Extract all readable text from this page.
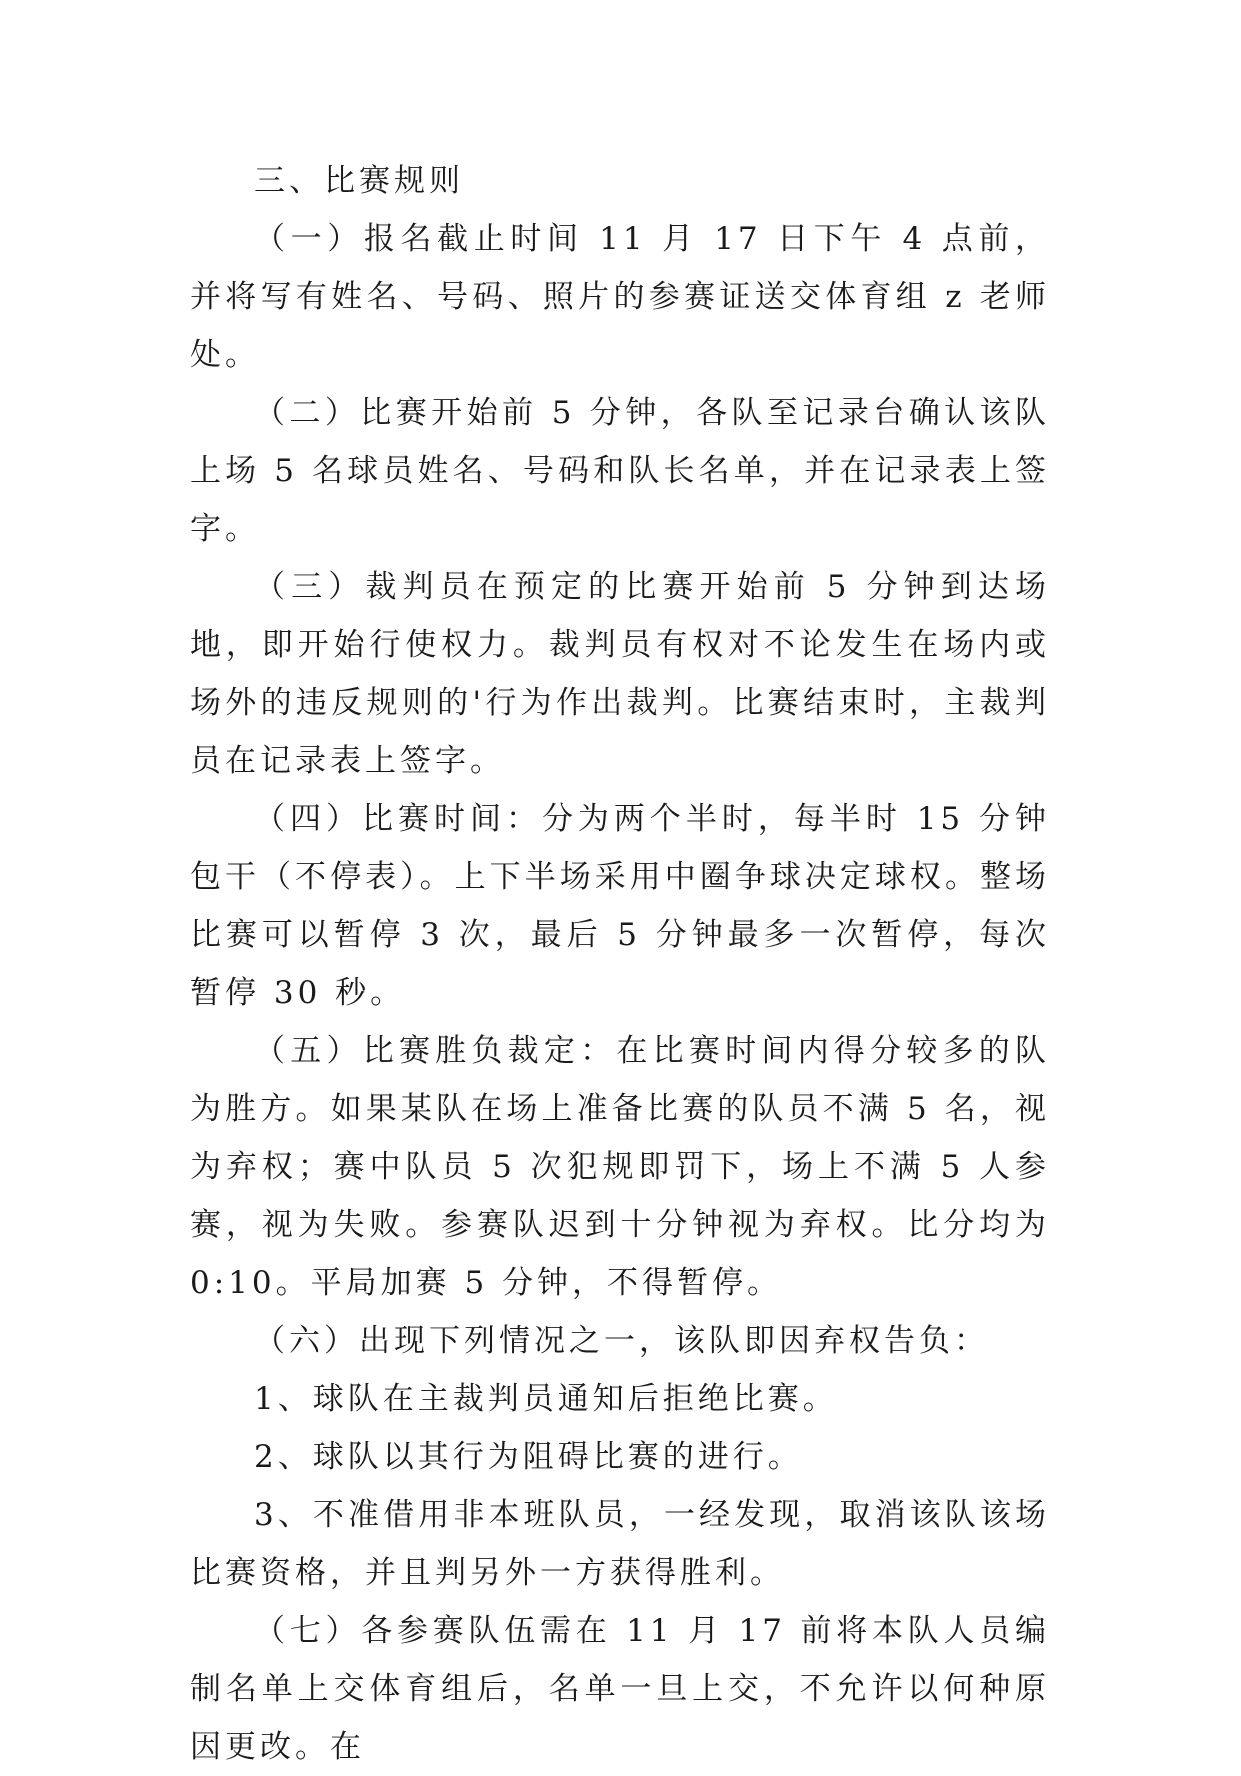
三、比赛规则

（一）报名截止时间 11 月 17 日下午 4 点前，并将写有姓名、号码、照片的参赛证送交体育组 z 老师处。

（二）比赛开始前 5 分钟，各队至记录台确认该队上场 5 名球员姓名、号码和队长名单，并在记录表上签字。

（三）裁判员在预定的比赛开始前 5 分钟到达场地，即开始行使权力。裁判员有权对不论发生在场内或场外的违反规则的'行为作出裁判。比赛结束时，主裁判员在记录表上签字。

（四）比赛时间：分为两个半时，每半时 15 分钟包干（不停表）。上下半场采用中圈争球决定球权。整场比赛可以暂停 3 次，最后 5 分钟最多一次暂停，每次暂停 30 秒。

（五）比赛胜负裁定：在比赛时间内得分较多的队为胜方。如果某队在场上准备比赛的队员不满 5 名，视为弃权；赛中队员 5 次犯规即罚下，场上不满 5 人参赛，视为失败。参赛队迟到十分钟视为弃权。比分均为 0:10。平局加赛 5 分钟，不得暂停。

（六）出现下列情况之一，该队即因弃权告负：

1、球队在主裁判员通知后拒绝比赛。

2、球队以其行为阻碍比赛的进行。

3、不准借用非本班队员，一经发现，取消该队该场比赛资格，并且判另外一方获得胜利。

（七）各参赛队伍需在 11 月 17 前将本队人员编制名单上交体育组后，名单一旦上交，不允许以何种原因更改。在
